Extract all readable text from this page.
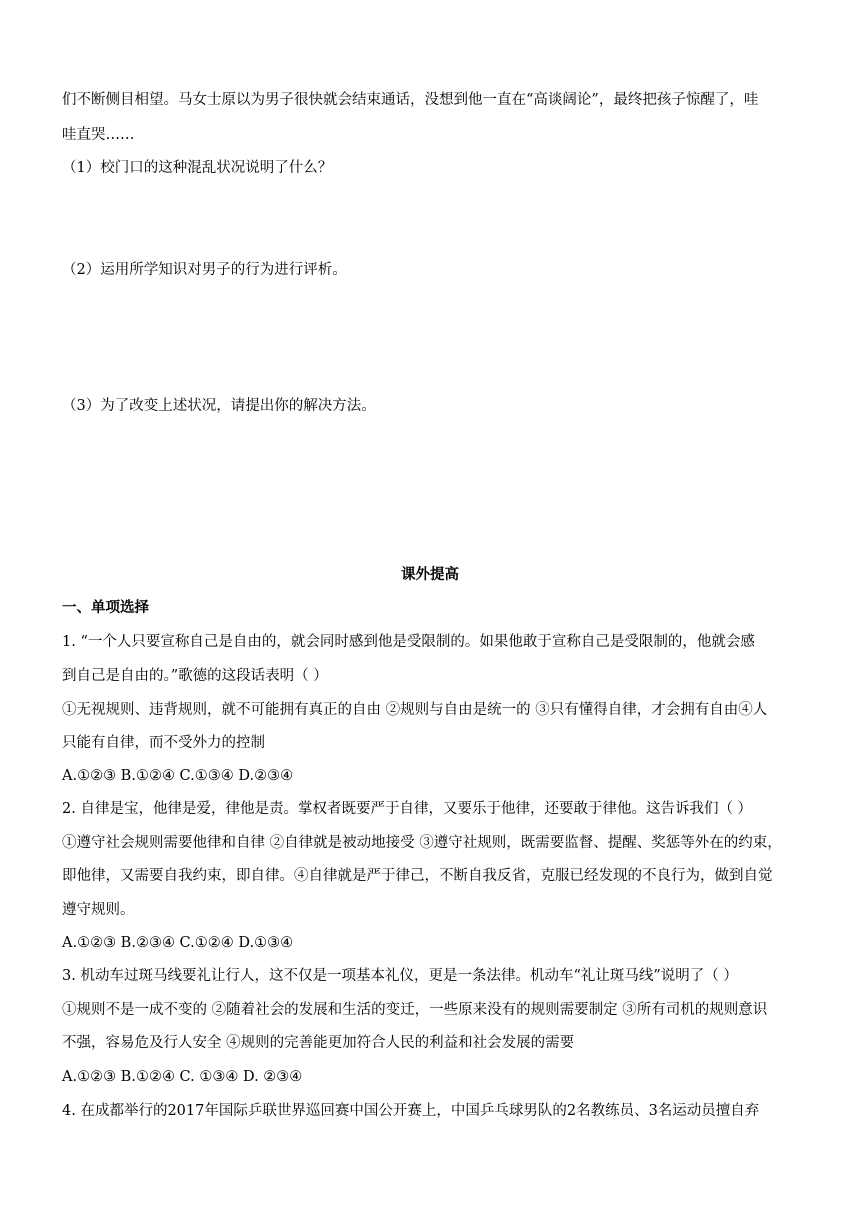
们不断侧目相望。马女士原以为男子很快就会结束通话，没想到他一直在“高谈阔论”，最终把孩子惊醒了，哇
哇直哭……
（1）校门口的这种混乱状况说明了什么？
（2）运用所学知识对男子的行为进行评析。
（3）为了改变上述状况，请提出你的解决方法。
课外提高
一、单项选择
1. “一个人只要宣称自己是自由的，就会同时感到他是受限制的。如果他敢于宣称自己是受限制的，他就会感
到自己是自由的。”歌德的这段话表明（ ）
①无视规则、违背规则，就不可能拥有真正的自由 ②规则与自由是统一的 ③只有懂得自律，才会拥有自由④人
只能有自律，而不受外力的控制
A.①②③ B.①②④ C.①③④ D.②③④
2. 自律是宝，他律是爱，律他是责。掌权者既要严于自律，又要乐于他律，还要敢于律他。这告诉我们（ ）
①遵守社会规则需要他律和自律 ②自律就是被动地接受 ③遵守社规则，既需要监督、提醒、奖惩等外在的约束，
即他律，又需要自我约束，即自律。④自律就是严于律己，不断自我反省，克服已经发现的不良行为，做到自觉
遵守规则。
A.①②③ B.②③④ C.①②④ D.①③④
3. 机动车过斑马线要礼让行人，这不仅是一项基本礼仪，更是一条法律。机动车“礼让斑马线”说明了（ ）
①规则不是一成不变的 ②随着社会的发展和生活的变迁，一些原来没有的规则需要制定 ③所有司机的规则意识
不强，容易危及行人安全 ④规则的完善能更加符合人民的利益和社会发展的需要
A.①②③ B.①②④ C. ①③④ D. ②③④
4. 在成都举行的2017年国际乒联世界巡回赛中国公开赛上，中国乒乓球男队的2名教练员、3名运动员擅自弃
